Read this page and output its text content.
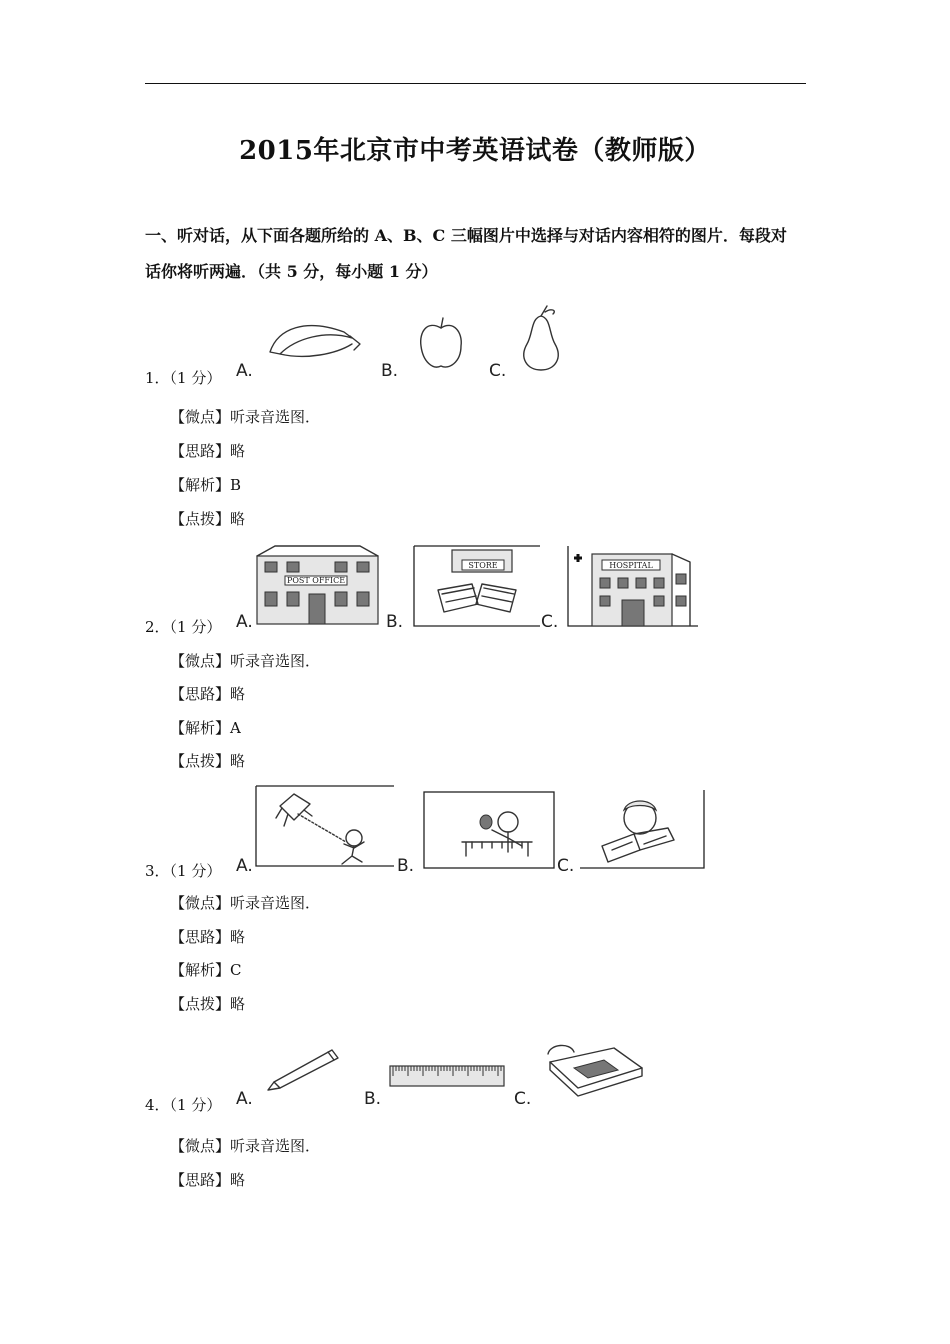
2015年北京市中考英语试卷（教师版）
一、听对话，从下面各题所给的 A、B、C 三幅图片中选择与对话内容相符的图片．每段对
话你将听两遍．（共 5 分，每小题 1 分）
1．（1 分） A.	B.	C.
【微点】听录音选图．
【思路】略
【解析】B
【点拨】略
2．（1 分） A.	B.	C.
POST OFFICE
STORE	HOSPITAL
【微点】听录音选图．
【思路】略
【解析】A
【点拨】略
3．（1 分） A.	B.	C.
【微点】听录音选图．
【思路】略
【解析】C
【点拨】略
4．（1 分） A.	B.	C.
【微点】听录音选图．
【思路】略
